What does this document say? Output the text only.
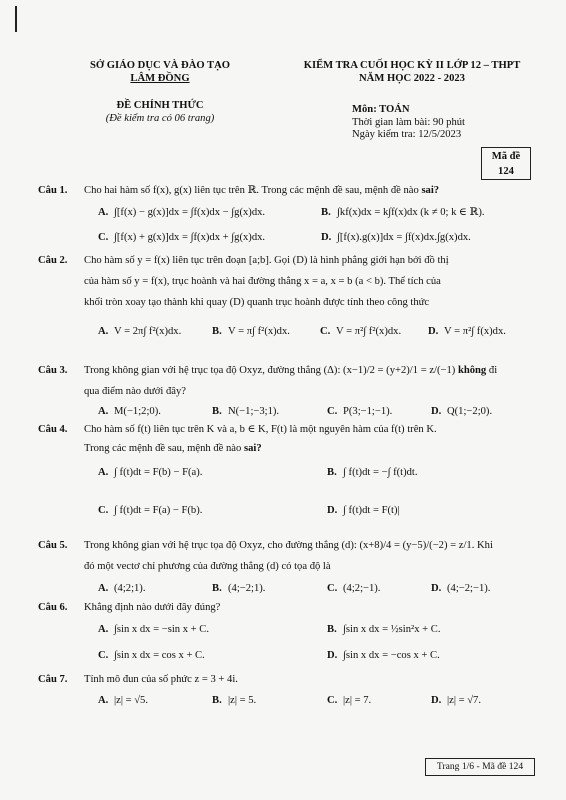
SỞ GIÁO DỤC VÀ ĐÀO TẠO
LÂM ĐỒNG
ĐỀ CHÍNH THỨC
(Đề kiểm tra có 06 trang)
KIỂM TRA CUỐI HỌC KỲ II LỚP 12 – THPT
NĂM HỌC 2022 - 2023
Môn: TOÁN
Thời gian làm bài: 90 phút
Ngày kiểm tra: 12/5/2023
Mã đề
124
Câu 1. Cho hai hàm số f(x), g(x) liên tục trên ℝ. Trong các mệnh đề sau, mệnh đề nào sai?
A. ∫[f(x) − g(x)]dx = ∫f(x)dx − ∫g(x)dx.	B. ∫kf(x)dx = k∫f(x)dx (k ≠ 0; k ∈ ℝ).
C. ∫[f(x) + g(x)]dx = ∫f(x)dx + ∫g(x)dx.	D. ∫[f(x).g(x)]dx = ∫f(x)dx.∫g(x)dx.
Câu 2. Cho hàm số y = f(x) liên tục trên đoạn [a;b]. Gọi (D) là hình phẳng giới hạn bởi đồ thị
của hàm số y = f(x), trục hoành và hai đường thẳng x = a, x = b (a < b). Thể tích của
khối tròn xoay tạo thành khi quay (D) quanh trục hoành được tính theo công thức
A. V = 2π∫ f²(x)dx.	B. V = π∫ f²(x)dx.	C. V = π²∫ f²(x)dx.	D. V = π²∫ f(x)dx.
Câu 3. Trong không gian với hệ trục tọa độ Oxyz, đường thẳng (Δ): (x−1)/2 = (y+2)/1 = z/(−1) không đi
qua điểm nào dưới đây?
A. M(−1;2;0).	B. N(−1;−3;1).	C. P(3;−1;−1).	D. Q(1;−2;0).
Câu 4. Cho hàm số f(t) liên tục trên K và a, b ∈ K, F(t) là một nguyên hàm của f(t) trên K.
Trong các mệnh đề sau, mệnh đề nào sai?
A. ∫ f(t)dt = F(b) − F(a).	B. ∫ f(t)dt = −∫ f(t)dt.
C. ∫ f(t)dt = F(a) − F(b).	D. ∫ f(t)dt = F(t)|
Câu 5. Trong không gian với hệ trục tọa độ Oxyz, cho đường thẳng (d): (x+8)/4 = (y−5)/(−2) = z/1. Khi
đó một vectơ chỉ phương của đường thẳng (d) có tọa độ là
A. (4;2;1).	B. (4;−2;1).	C. (4;2;−1).	D. (4;−2;−1).
Câu 6. Khẳng định nào dưới đây đúng?
A. ∫sin x dx = −sin x + C.	B. ∫sin x dx = ½sin²x + C.
C. ∫sin x dx = cos x + C.	D. ∫sin x dx = −cos x + C.
Câu 7. Tính mô đun của số phức z = 3 + 4i.
A. |z| = √5.	B. |z| = 5.	C. |z| = 7.	D. |z| = √7.
Trang 1/6 - Mã đề 124
